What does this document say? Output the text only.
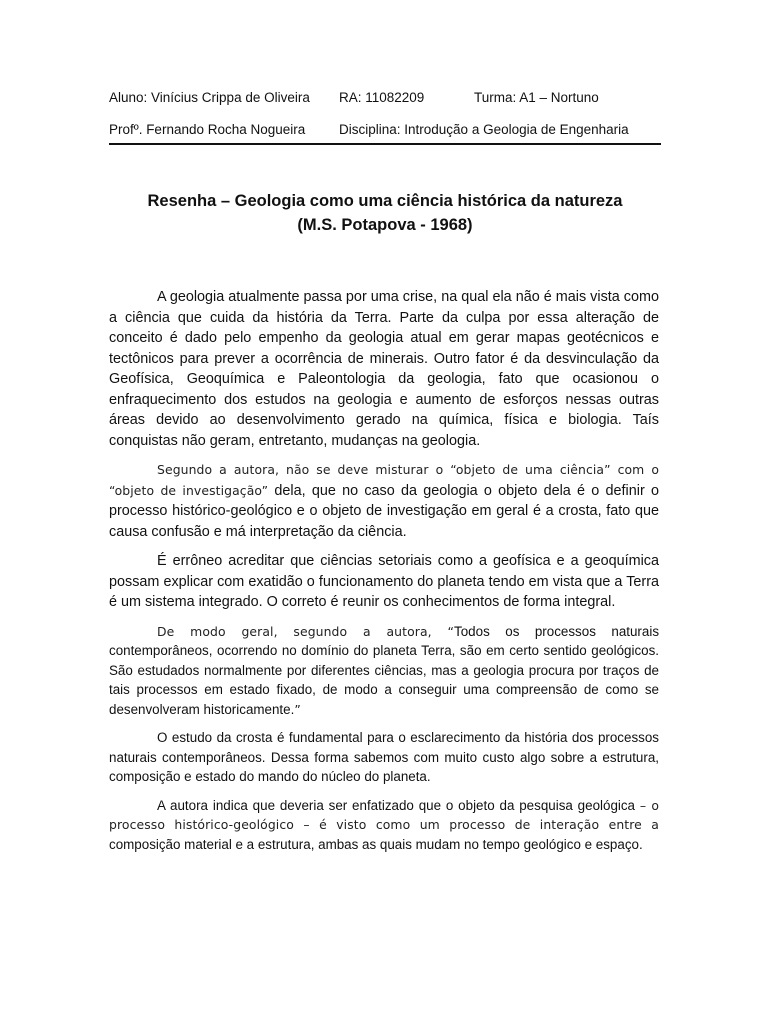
Aluno: Vinícius Crippa de Oliveira RA: 11082209	Turma: A1 – Nortuno
Profº. Fernando Rocha Nogueira Disciplina: Introdução a Geologia de Engenharia
Resenha – Geologia como uma ciência histórica da natureza
(M.S. Potapova - 1968)

A geologia atualmente passa por uma crise, na qual ela não é mais vista como a ciência que cuida da história da Terra. Parte da culpa por essa alteração de conceito é dado pelo empenho da geologia atual em gerar mapas geotécnicos e tectônicos para prever a ocorrência de minerais. Outro fator é da desvinculação da Geofísica, Geoquímica e Paleontologia da geologia, fato que ocasionou o enfraquecimento dos estudos na geologia e aumento de esforços nessas outras áreas devido ao desenvolvimento gerado na química, física e biologia. Taís conquistas não geram, entretanto, mudanças na geologia.

Segundo a autora, não se deve misturar o “objeto de uma ciência” com o “objeto de investigação” dela, que no caso da geologia o objeto dela é o definir o processo histórico-geológico e o objeto de investigação em geral é a crosta, fato que causa confusão e má interpretação da ciência.

É errôneo acreditar que ciências setoriais como a geofísica e a geoquímica possam explicar com exatidão o funcionamento do planeta tendo em vista que a Terra é um sistema integrado. O correto é reunir os conhecimentos de forma integral.

De modo geral, segundo a autora, “Todos os processos naturais contemporâneos, ocorrendo no domínio do planeta Terra, são em certo sentido geológicos. São estudados normalmente por diferentes ciências, mas a geologia procura por traços de tais processos em estado fixado, de modo a conseguir uma compreensão de como se desenvolveram historicamente.”

O estudo da crosta é fundamental para o esclarecimento da história dos processos naturais contemporâneos. Dessa forma sabemos com muito custo algo sobre a estrutura, composição e estado do mando do núcleo do planeta.

A autora indica que deveria ser enfatizado que o objeto da pesquisa geológica – o processo histórico-geológico – é visto como um processo de interação entre a composição material e a estrutura, ambas as quais mudam no tempo geológico e espaço.
